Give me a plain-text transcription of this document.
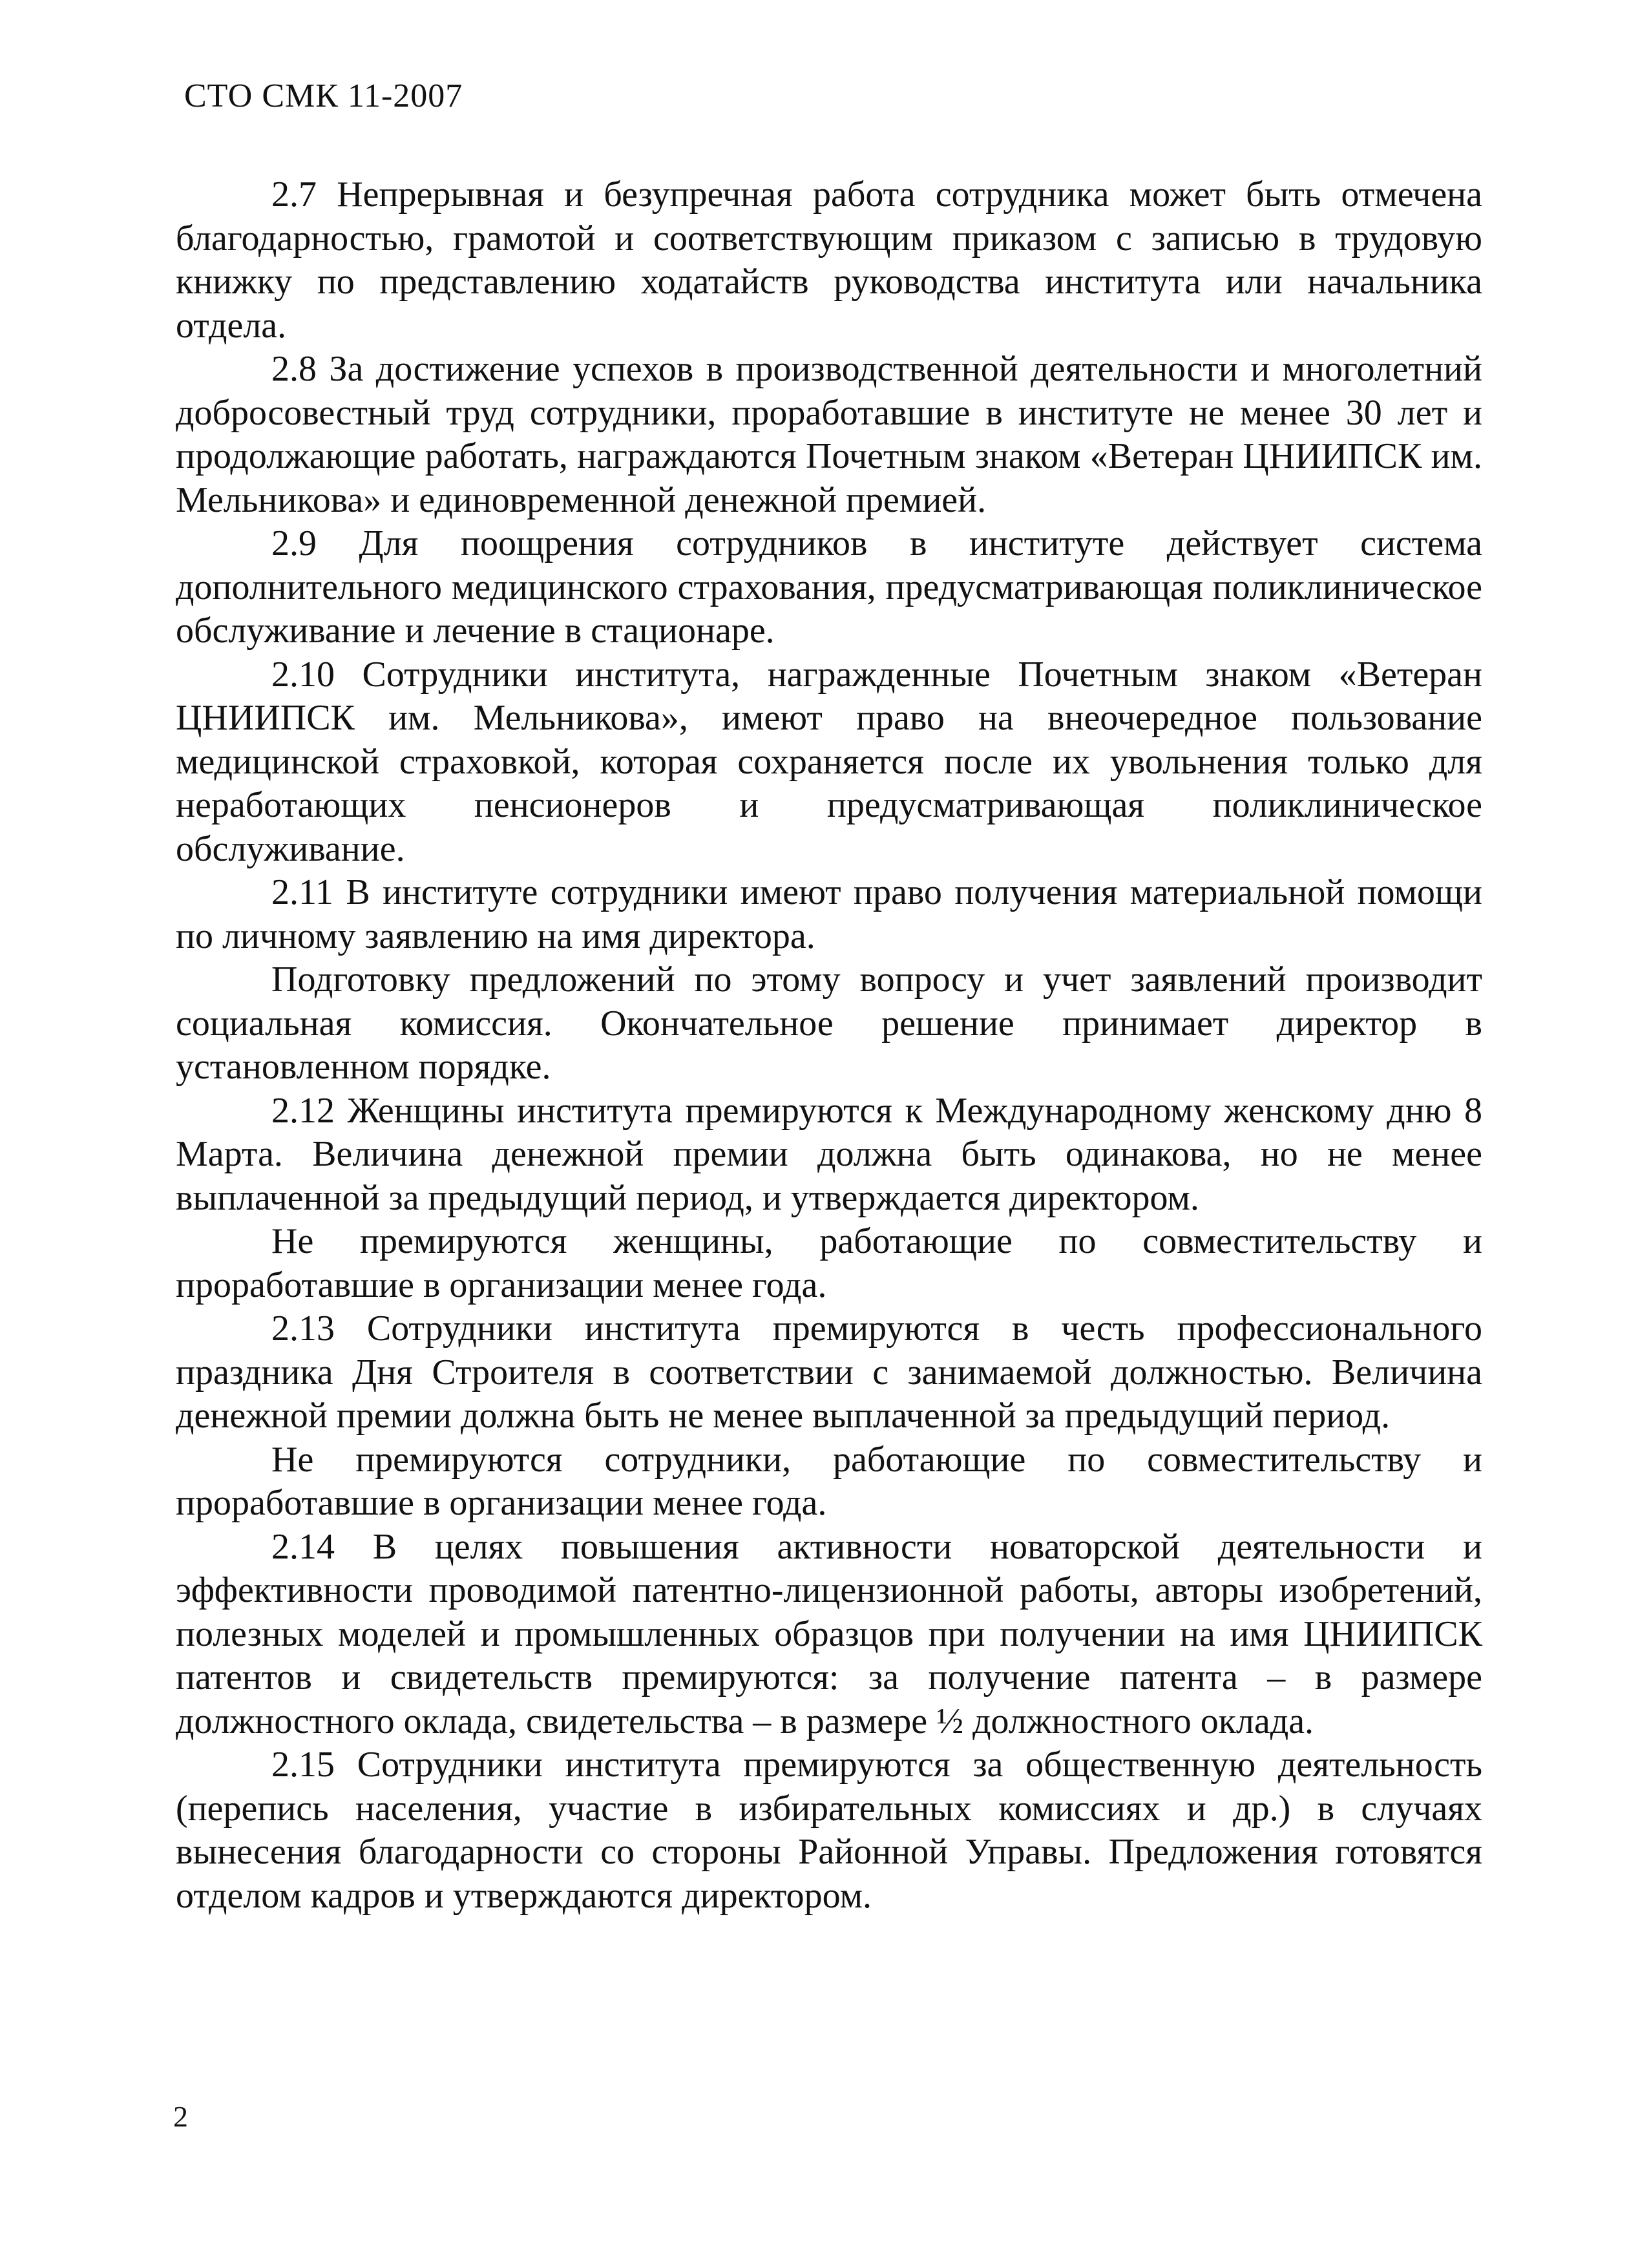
СТО СМК 11-2007

2.7 Непрерывная и безупречная работа сотрудника может быть отмечена благодарностью, грамотой и соответствующим приказом с записью в трудовую книжку по представлению ходатайств руководства института или начальника отдела.

2.8 За достижение успехов в производственной деятельности и многолетний добросовестный труд сотрудники, проработавшие в институте не менее 30 лет и продолжающие работать, награждаются Почетным знаком «Ветеран ЦНИИПСК им. Мельникова» и единовременной денежной премией.

2.9 Для поощрения сотрудников в институте действует система дополнительного медицинского страхования, предусматривающая поликлиническое обслуживание и лечение в стационаре.

2.10 Сотрудники института, награжденные Почетным знаком «Ветеран ЦНИИПСК им. Мельникова», имеют право на внеочередное пользование медицинской страховкой, которая сохраняется после их увольнения только для неработающих пенсионеров и предусматривающая поликлиническое обслуживание.

2.11 В институте сотрудники имеют право получения материальной помощи по личному заявлению на имя директора.

Подготовку предложений по этому вопросу и учет заявлений производит социальная комиссия. Окончательное решение принимает директор в установленном порядке.

2.12 Женщины института премируются к Международному женскому дню 8 Марта. Величина денежной премии должна быть одинакова, но не менее выплаченной за предыдущий период, и утверждается директором.

Не премируются женщины, работающие по совместительству и проработавшие в организации менее года.

2.13 Сотрудники института премируются в честь профессионального праздника Дня Строителя в соответствии с занимаемой должностью. Величина денежной премии должна быть не менее выплаченной за предыдущий период.

Не премируются сотрудники, работающие по совместительству и проработавшие в организации менее года.

2.14 В целях повышения активности новаторской деятельности и эффективности проводимой патентно-лицензионной работы, авторы изобретений, полезных моделей и промышленных образцов при получении на имя ЦНИИПСК патентов и свидетельств премируются: за получение патента – в размере должностного оклада, свидетельства – в размере ½ должностного оклада.

2.15 Сотрудники института премируются за общественную деятельность (перепись населения, участие в избирательных комиссиях и др.) в случаях вынесения благодарности со стороны Районной Управы. Предложения готовятся отделом кадров и утверждаются директором.

2
